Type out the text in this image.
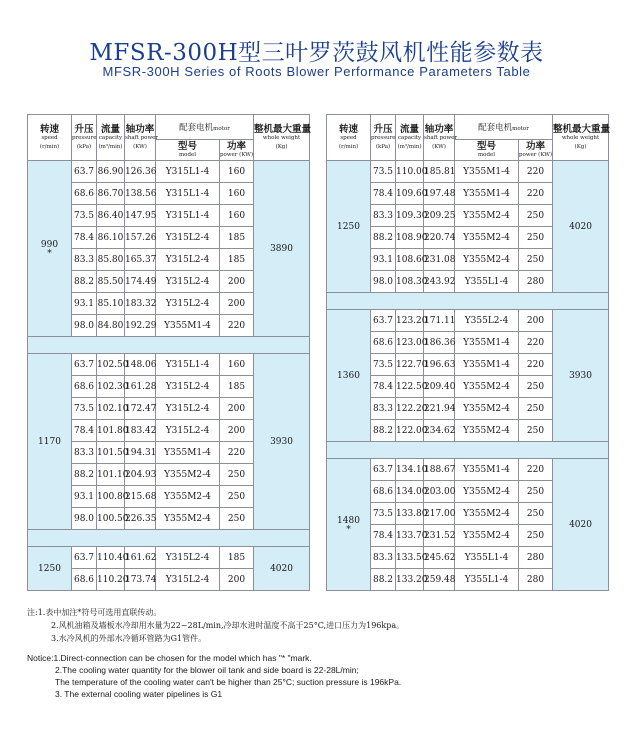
MFSR-300H型三叶罗茨鼓风机性能参数表
MFSR-300H Series of Roots Blower Performance Parameters Table
转速
speed
(r/min)	升压
pressure
(kPa)	流量
capacity
(m³/min)	轴功率
shaft power
(KW)	配套电机motor		整机最大重量
whole weight
(Kg)

				型号
model	功率
power (KW)	

990
*	63.7	86.90	126.36	Y315L1-4	160	3890
	68.6	86.70	138.56	Y315L1-4	160	
	73.5	86.40	147.95	Y315L1-4	160	
	78.4	86.10	157.26	Y315L2-4	185	
	83.3	85.80	165.37	Y315L2-4	185	
	88.2	85.50	174.49	Y315L2-4	200	
	93.1	85.10	183.32	Y315L2-4	200	
	98.0	84.80	192.29	Y355M1-4	220	

1170	63.7	102.50	148.06	Y315L1-4	160	3930
	68.6	102.30	161.28	Y315L2-4	185	
	73.5	102.10	172.47	Y315L2-4	200	
	78.4	101.80	183.42	Y315L2-4	200	
	83.3	101.50	194.31	Y355M1-4	220	
	88.2	101.10	204.93	Y355M2-4	250	
	93.1	100.80	215.68	Y355M2-4	250	
	98.0	100.50	226.35	Y355M2-4	250	

1250	63.7	110.40	161.62	Y315L2-4	185	4020
	68.6	110.20	173.74	Y315L2-4	200	
转速
speed
(r/min)	升压
pressure
(kPa)	流量
capacity
(m³/min)	轴功率
shaft power
(KW)	配套电机motor		整机最大重量
whole weight
(Kg)

				型号
model	功率
power (KW)	

1250	73.5	110.00	185.81	Y355M1-4	220	4020
	78.4	109.60	197.48	Y355M1-4	220	
	83.3	109.30	209.25	Y355M2-4	250	
	88.2	108.90	220.74	Y355M2-4	250	
	93.1	108.60	231.08	Y355M2-4	250	
	98.0	108.30	243.92	Y355L1-4	280	

1360	63.7	123.20	171.11	Y355L2-4	200	3930
	68.6	123.00	186.36	Y355M1-4	220	
	73.5	122.70	196.63	Y355M1-4	220	
	78.4	122.50	209.40	Y355M2-4	250	
	83.3	122.20	221.94	Y355M2-4	250	
	88.2	122.00	234.62	Y355M2-4	250	

1480
*	63.7	134.10	188.67	Y355M1-4	220	4020
	68.6	134.00	203.00	Y355M2-4	250	
	73.5	133.80	217.00	Y355M2-4	250	
	78.4	133.70	231.52	Y355M2-4	250	
	83.3	133.50	245.62	Y355L1-4	280	
	88.2	133.20	259.48	Y355L1-4	280	
注:1.表中加注*符号可选用直联传动。
2.风机油箱及墙板水冷却用水量为22~28L/min,冷却水进时温度不高于25°C,进口压力为196kpa。
3.水冷风机的外部水冷循环管路为G1管件。
Notice:1.Direct-connection can be chosen for the model which has "* "mark.
2.The cooling water quantity for the blower oil tank and side board is 22-28L/min;
The temperature of the cooling water can't be higher than 25°C; suction pressure is 196kPa.
3. The external cooling water pipelines is G1
